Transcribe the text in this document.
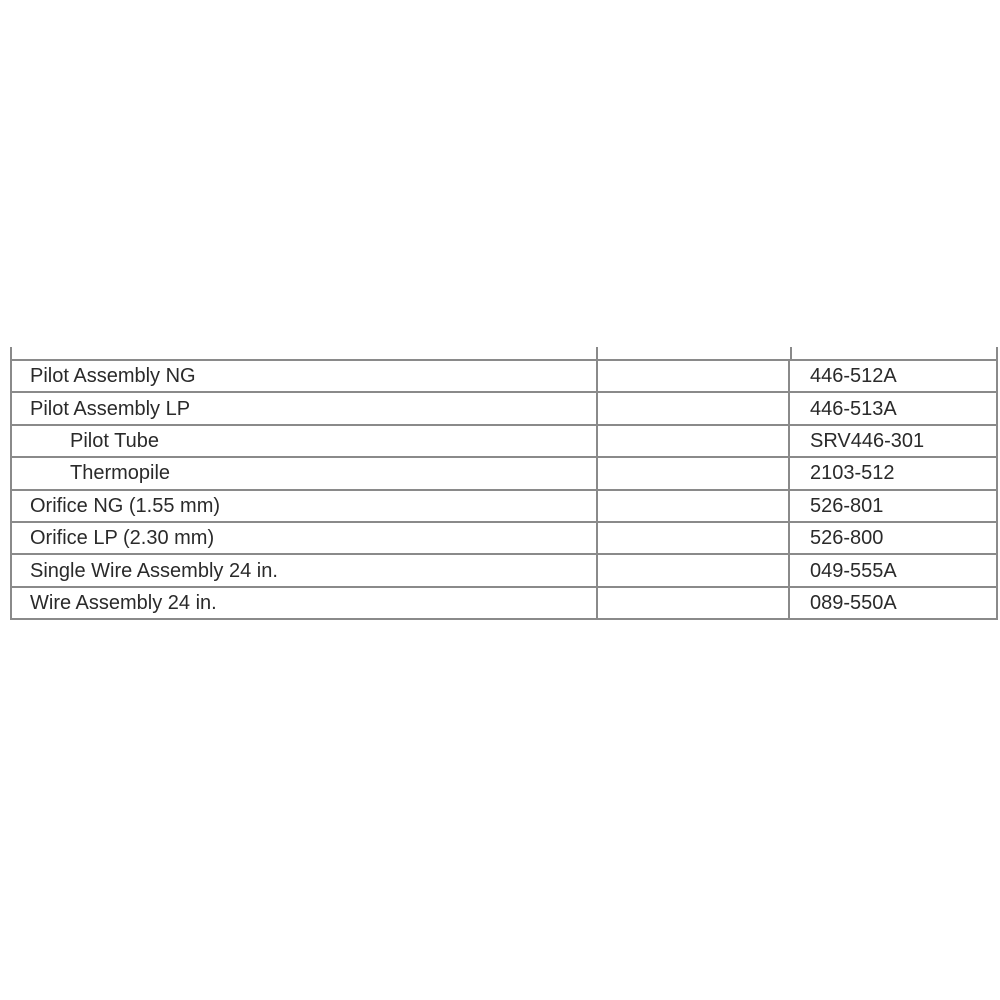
Pilot Assembly NG		446-512A
Pilot Assembly LP		446-513A
Pilot Tube		SRV446-301
Thermopile		2103-512
Orifice NG (1.55 mm)		526-801
Orifice LP (2.30 mm)		526-800
Single Wire Assembly 24 in.		049-555A
Wire Assembly 24 in.		089-550A
